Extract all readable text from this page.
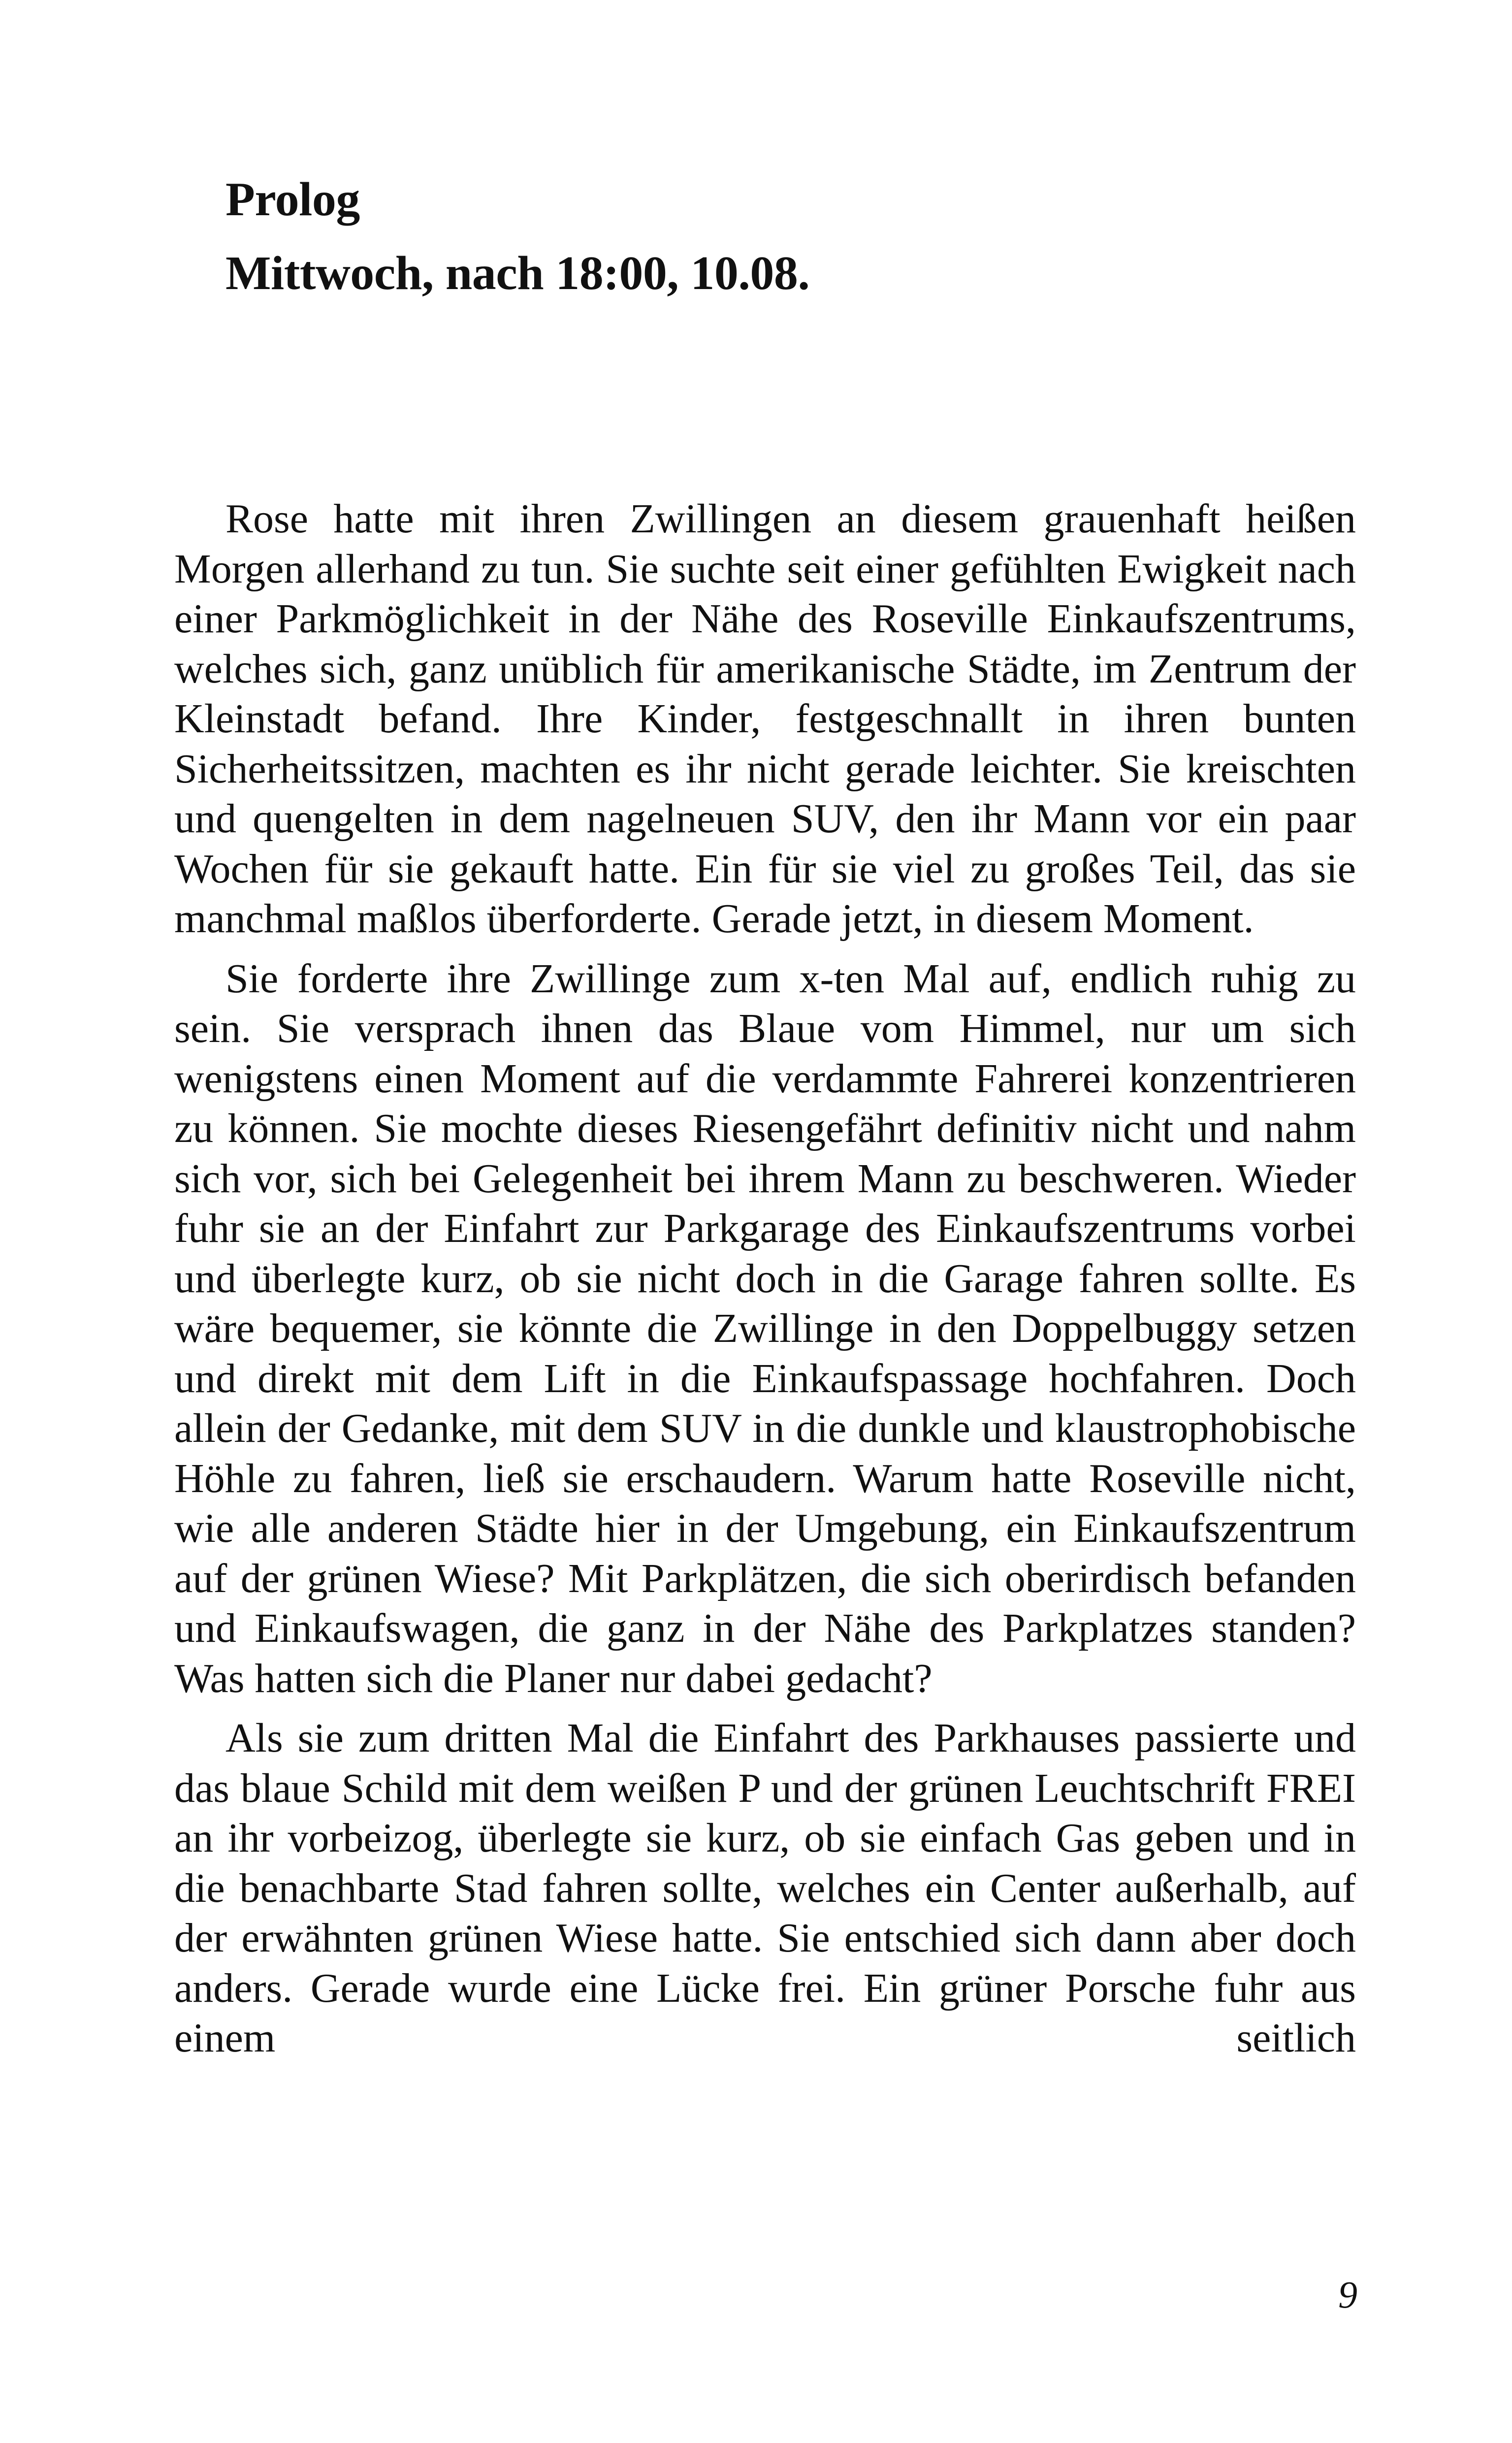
Prolog

Mittwoch, nach 18:00, 10.08.

Rose hatte mit ihren Zwillingen an diesem grauenhaft heißen Morgen allerhand zu tun. Sie suchte seit einer gefühlten Ewigkeit nach einer Parkmöglichkeit in der Nähe des Roseville Einkaufszentrums, welches sich, ganz unüblich für amerikanische Städte, im Zentrum der Kleinstadt befand. Ihre Kinder, festgeschnallt in ihren bunten Sicherheitssitzen, machten es ihr nicht gerade leichter. Sie kreischten und quengelten in dem nagelneuen SUV, den ihr Mann vor ein paar Wochen für sie gekauft hatte. Ein für sie viel zu großes Teil, das sie manchmal maßlos überforderte. Gerade jetzt, in diesem Moment.

Sie forderte ihre Zwillinge zum x-ten Mal auf, endlich ruhig zu sein. Sie versprach ihnen das Blaue vom Himmel, nur um sich wenigstens einen Moment auf die verdammte Fahrerei konzentrieren zu können. Sie mochte dieses Riesengefährt definitiv nicht und nahm sich vor, sich bei Gelegenheit bei ihrem Mann zu beschweren. Wieder fuhr sie an der Einfahrt zur Parkgarage des Einkaufszentrums vorbei und überlegte kurz, ob sie nicht doch in die Garage fahren sollte. Es wäre bequemer, sie könnte die Zwillinge in den Doppelbuggy setzen und direkt mit dem Lift in die Einkaufspassage hochfahren. Doch allein der Gedanke, mit dem SUV in die dunkle und klaustrophobische Höhle zu fahren, ließ sie erschaudern. Warum hatte Roseville nicht, wie alle anderen Städte hier in der Umgebung, ein Einkaufszentrum auf der grünen Wiese? Mit Parkplätzen, die sich oberirdisch befanden und Einkaufswagen, die ganz in der Nähe des Parkplatzes standen? Was hatten sich die Planer nur dabei gedacht?

Als sie zum dritten Mal die Einfahrt des Parkhauses passierte und das blaue Schild mit dem weißen P und der grünen Leuchtschrift FREI an ihr vorbeizog, überlegte sie kurz, ob sie einfach Gas geben und in die benachbarte Stad fahren sollte, welches ein Center außerhalb, auf der erwähnten grünen Wiese hatte. Sie entschied sich dann aber doch anders. Gerade wurde eine Lücke frei. Ein grüner Porsche fuhr aus einem seitlich

9
